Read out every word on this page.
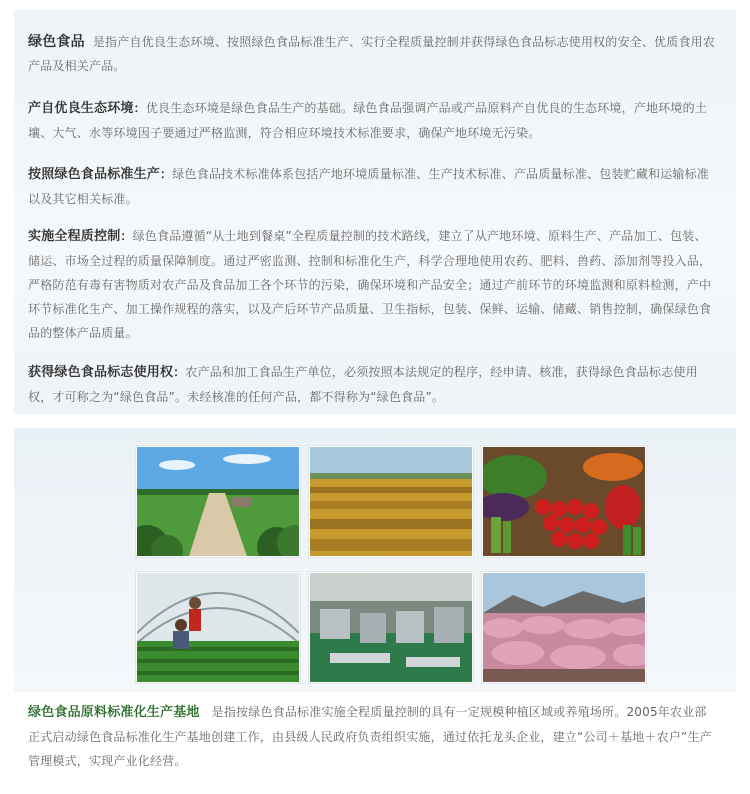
绿色食品 是指产自优良生态环境、按照绿色食品标准生产、实行全程质量控制并获得绿色食品标志使用权的安全、优质食用农产品及相关产品。
产自优良生态环境：优良生态环境是绿色食品生产的基础。绿色食品强调产品或产品原料产自优良的生态环境，产地环境的土壤、大气、水等环境因子要通过严格监测，符合相应环境技术标准要求，确保产地环境无污染。
按照绿色食品标准生产：绿色食品技术标准体系包括产地环境质量标准、生产技术标准、产品质量标准、包装贮藏和运输标准以及其它相关标准。
实施全程质控制：绿色食品遵循“从土地到餐桌”全程质量控制的技术路线，建立了从产地环境、原料生产、产品加工、包装、储运、市场全过程的质量保障制度。通过严密监测、控制和标准化生产，科学合理地使用农药、肥料、兽药、添加剂等投入品，严格防范有毒有害物质对农产品及食品加工各个环节的污染，确保环境和产品安全；通过产前环节的环境监测和原料检测，产中环节标准化生产、加工操作规程的落实，以及产后环节产品质量、卫生指标，包装、保鲜、运输、储藏、销售控制，确保绿色食品的整体产品质量。
获得绿色食品标志使用权：农产品和加工食品生产单位，必须按照本法规定的程序，经申请、核准，获得绿色食品标志使用权，才可称之为“绿色食品”。未经核准的任何产品，都不得称为“绿色食品”。
绿色食品原料标准化生产基地 是指按绿色食品标准实施全程质量控制的具有一定规模种植区域或养殖场所。2005年农业部正式启动绿色食品标准化生产基地创建工作，由县级人民政府负责组织实施，通过依托龙头企业，建立“公司＋基地＋农户”生产管理模式，实现产业化经营。
